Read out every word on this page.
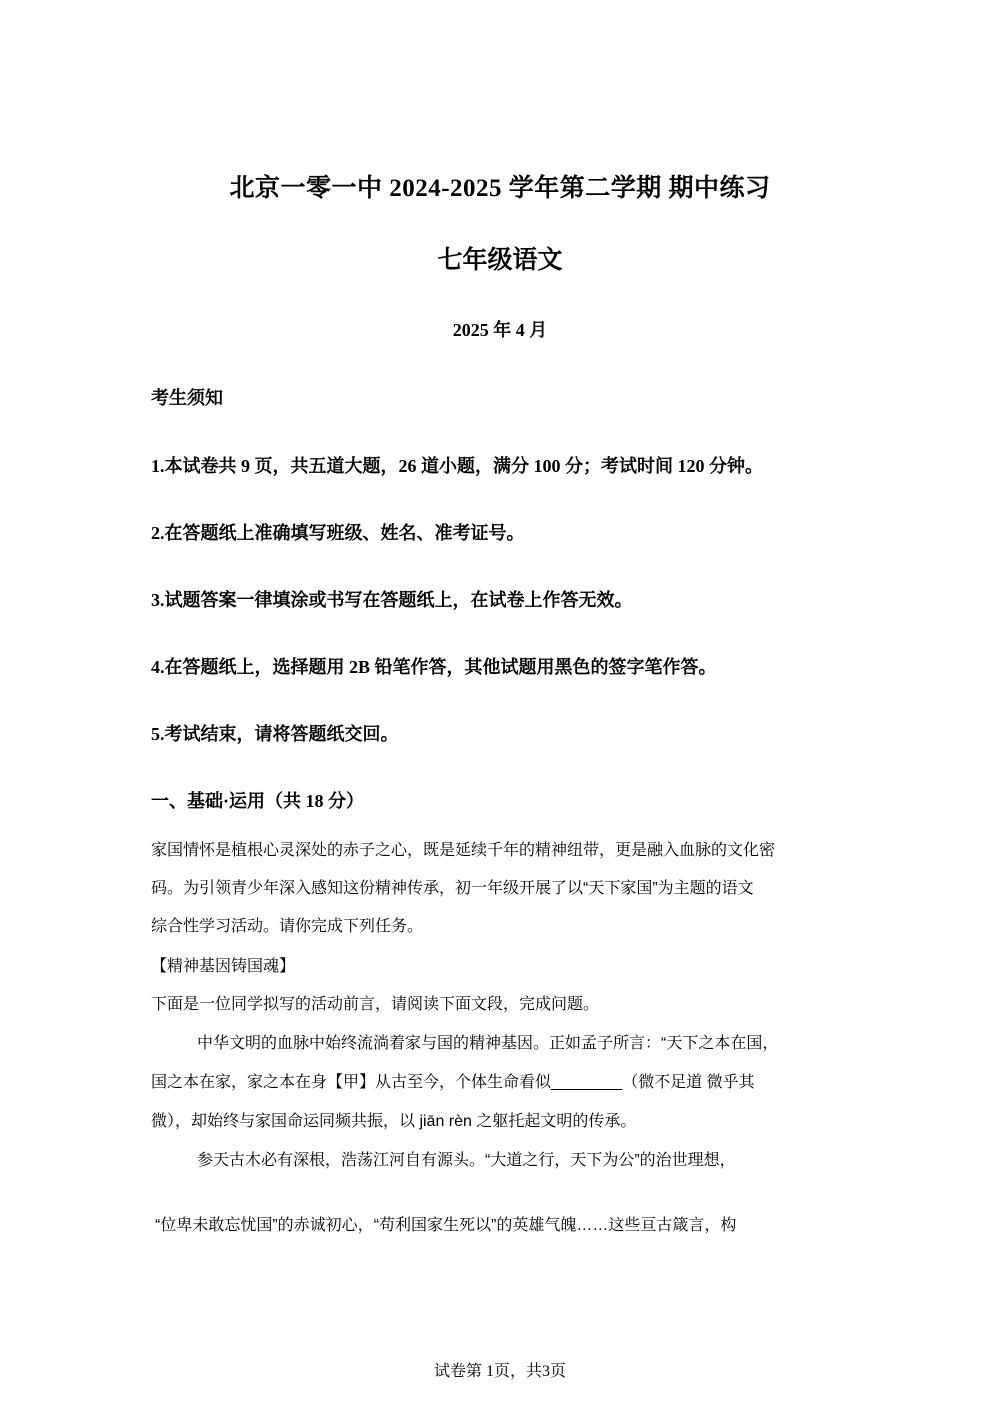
北京一零一中 2024-2025 学年第二学期 期中练习
七年级语文

2025 年 4 月

考生须知

1.本试卷共 9 页，共五道大题，26 道小题，满分 100 分；考试时间 120 分钟。

2.在答题纸上准确填写班级、姓名、准考证号。

3.试题答案一律填涂或书写在答题纸上，在试卷上作答无效。

4.在答题纸上，选择题用 2B 铅笔作答，其他试题用黑色的签字笔作答。

5.考试结束，请将答题纸交回。

一、基础·运用（共 18 分）

家国情怀是植根心灵深处的赤子之心，既是延续千年的精神纽带，更是融入血脉的文化密

码。为引领青少年深入感知这份精神传承，初一年级开展了以“天下家国”为主题的语文

综合性学习活动。请你完成下列任务。

【精神基因铸国魂】

下面是一位同学拟写的活动前言，请阅读下面文段，完成问题。

中华文明的血脉中始终流淌着家与国的精神基因。正如孟子所言：“天下之本在国，

国之本在家，家之本在身【甲】从古至今，个体生命看似________（微不足道 微乎其

微），却始终与家国命运同频共振，以 jiān rèn 之躯托起文明的传承。

参天古木必有深根，浩荡江河自有源头。“大道之行，天下为公”的治世理想，

“位卑未敢忘忧国”的赤诚初心，“苟利国家生死以”的英雄气魄……这些亘古箴言，构

试卷第 1页，共3页
